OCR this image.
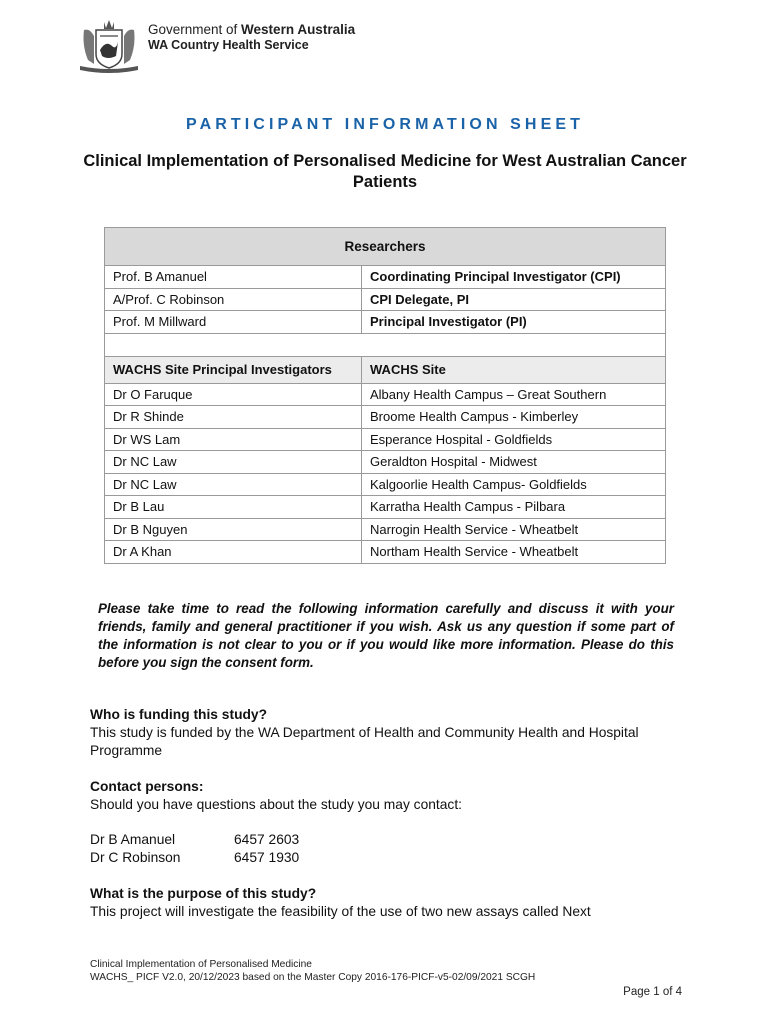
Government of Western Australia
WA Country Health Service
PARTICIPANT INFORMATION SHEET
Clinical Implementation of Personalised Medicine for West Australian Cancer Patients
Researchers	
Prof. B Amanuel	Coordinating Principal Investigator (CPI)
A/Prof. C Robinson	CPI Delegate, PI
Prof. M Millward	Principal Investigator (PI)

WACHS Site Principal Investigators	WACHS Site
Dr O Faruque	Albany Health Campus – Great Southern
Dr R Shinde	Broome Health Campus - Kimberley
Dr WS Lam	Esperance Hospital - Goldfields
Dr NC Law	Geraldton Hospital - Midwest
Dr NC Law	Kalgoorlie Health Campus- Goldfields
Dr B Lau	Karratha Health Campus - Pilbara
Dr B Nguyen	Narrogin Health Service - Wheatbelt
Dr A Khan	Northam Health Service - Wheatbelt
Please take time to read the following information carefully and discuss it with your friends, family and general practitioner if you wish. Ask us any question if some part of the information is not clear to you or if you would like more information. Please do this before you sign the consent form.
Who is funding this study?
This study is funded by the WA Department of Health and Community Health and Hospital Programme
Contact persons:
Should you have questions about the study you may contact:
Dr B Amanuel	6457 2603
Dr C Robinson	6457 1930
What is the purpose of this study?
This project will investigate the feasibility of the use of two new assays called Next
Clinical Implementation of Personalised Medicine
WACHS_ PICF V2.0, 20/12/2023 based on the Master Copy 2016-176-PICF-v5-02/09/2021 SCGH
Page 1 of 4
